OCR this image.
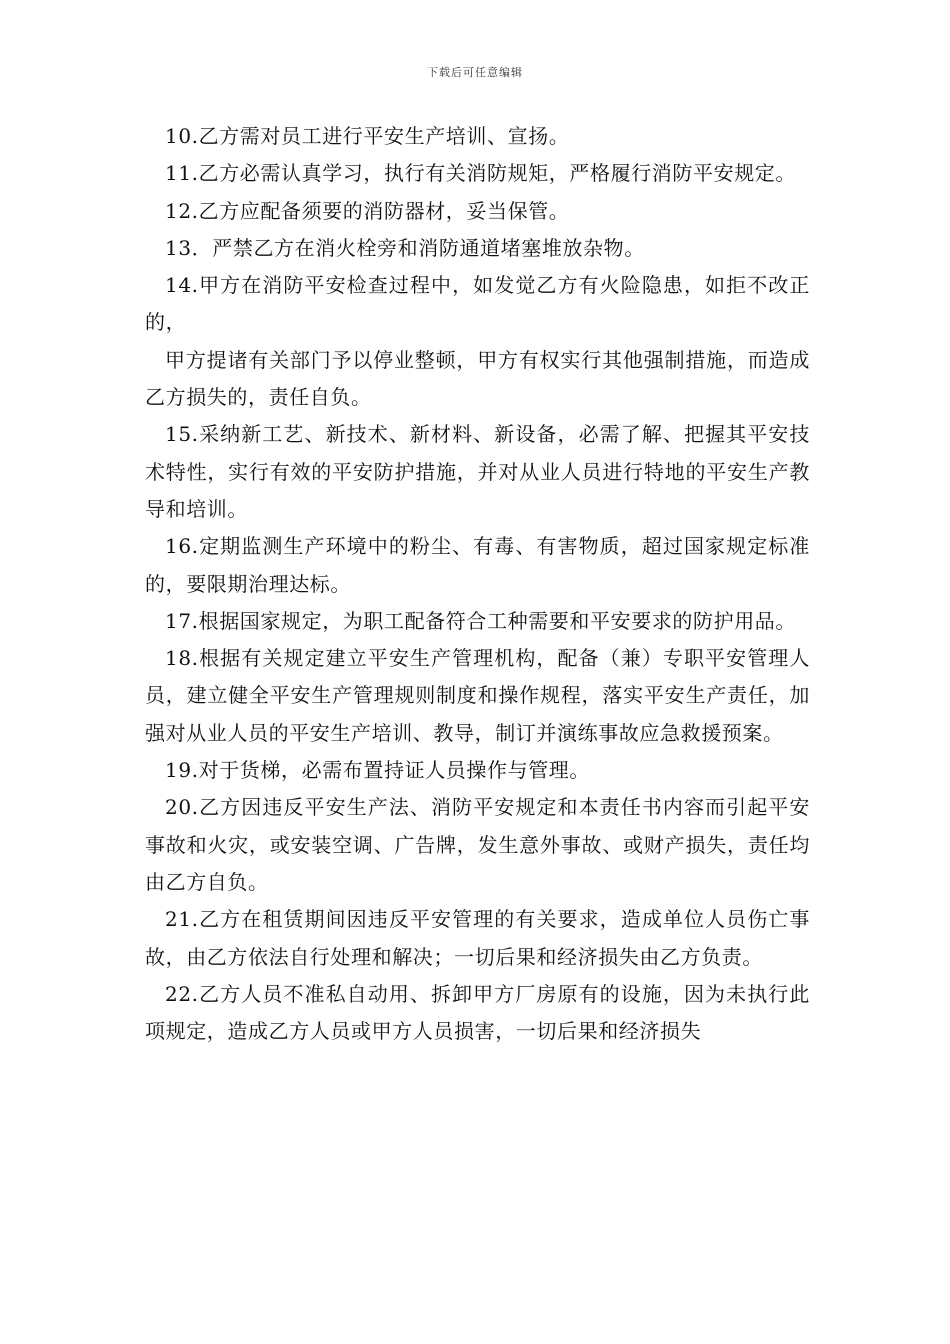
下载后可任意编辑

10.乙方需对员工进行平安生产培训、宣扬。

11.乙方必需认真学习，执行有关消防规矩，严格履行消防平安规定。

12.乙方应配备须要的消防器材，妥当保管。

13．严禁乙方在消火栓旁和消防通道堵塞堆放杂物。

14.甲方在消防平安检查过程中，如发觉乙方有火险隐患，如拒不改正的，

甲方提诸有关部门予以停业整顿，甲方有权实行其他强制措施，而造成乙方损失的，责任自负。

15.采纳新工艺、新技术、新材料、新设备，必需了解、把握其平安技术特性，实行有效的平安防护措施，并对从业人员进行特地的平安生产教导和培训。

16.定期监测生产环境中的粉尘、有毒、有害物质，超过国家规定标准的，要限期治理达标。

17.根据国家规定，为职工配备符合工种需要和平安要求的防护用品。

18.根据有关规定建立平安生产管理机构，配备（兼）专职平安管理人员，建立健全平安生产管理规则制度和操作规程，落实平安生产责任，加强对从业人员的平安生产培训、教导，制订并演练事故应急救援预案。

19.对于货梯，必需布置持证人员操作与管理。

20.乙方因违反平安生产法、消防平安规定和本责任书内容而引起平安事故和火灾，或安装空调、广告牌，发生意外事故、或财产损失，责任均由乙方自负。

21.乙方在租赁期间因违反平安管理的有关要求，造成单位人员伤亡事故，由乙方依法自行处理和解决；一切后果和经济损失由乙方负责。

22.乙方人员不准私自动用、拆卸甲方厂房原有的设施，因为未执行此项规定，造成乙方人员或甲方人员损害，一切后果和经济损失
